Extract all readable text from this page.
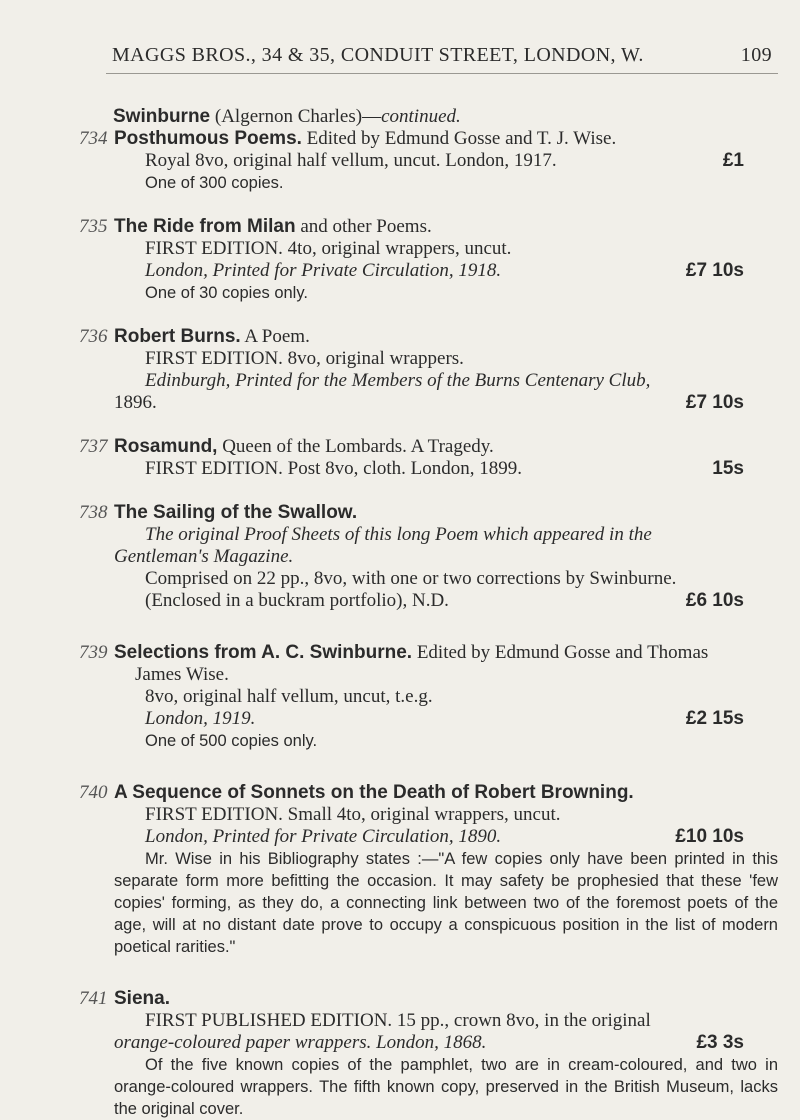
MAGGS BROS., 34 & 35, CONDUIT STREET, LONDON, W.	109
Swinburne (Algernon Charles)—continued.
734 Posthumous Poems. Edited by Edmund Gosse and T. J. Wise.
Royal 8vo, original half vellum, uncut. London, 1917.	£1
One of 300 copies.
735 The Ride from Milan and other Poems.
FIRST EDITION. 4to, original wrappers, uncut.
London, Printed for Private Circulation, 1918.	£7 10s
One of 30 copies only.
736 Robert Burns. A Poem.
FIRST EDITION. 8vo, original wrappers.
Edinburgh, Printed for the Members of the Burns Centenary Club,
1896.	£7 10s
737 Rosamund, Queen of the Lombards. A Tragedy.
FIRST EDITION. Post 8vo, cloth. London, 1899.	15s
738 The Sailing of the Swallow.
The original Proof Sheets of this long Poem which appeared in the
Gentleman's Magazine.
Comprised on 22 pp., 8vo, with one or two corrections by Swinburne.
(Enclosed in a buckram portfolio), N.D.	£6 10s
739 Selections from A. C. Swinburne. Edited by Edmund Gosse and Thomas
James Wise.
8vo, original half vellum, uncut, t.e.g.
London, 1919.	£2 15s
One of 500 copies only.
740 A Sequence of Sonnets on the Death of Robert Browning.
FIRST EDITION. Small 4to, original wrappers, uncut.
London, Printed for Private Circulation, 1890.	£10 10s
Mr. Wise in his Bibliography states :—"A few copies only have been printed in this separate form more befitting the occasion. It may safety be prophesied that these 'few copies' forming, as they do, a connecting link between two of the foremost poets of the age, will at no distant date prove to occupy a conspicuous position in the list of modern poetical rarities."
741 Siena.
FIRST PUBLISHED EDITION. 15 pp., crown 8vo, in the original
orange-coloured paper wrappers. London, 1868.	£3 3s
Of the five known copies of the pamphlet, two are in cream-coloured, and two in orange-coloured wrappers. The fifth known copy, preserved in the British Museum, lacks the original cover.
